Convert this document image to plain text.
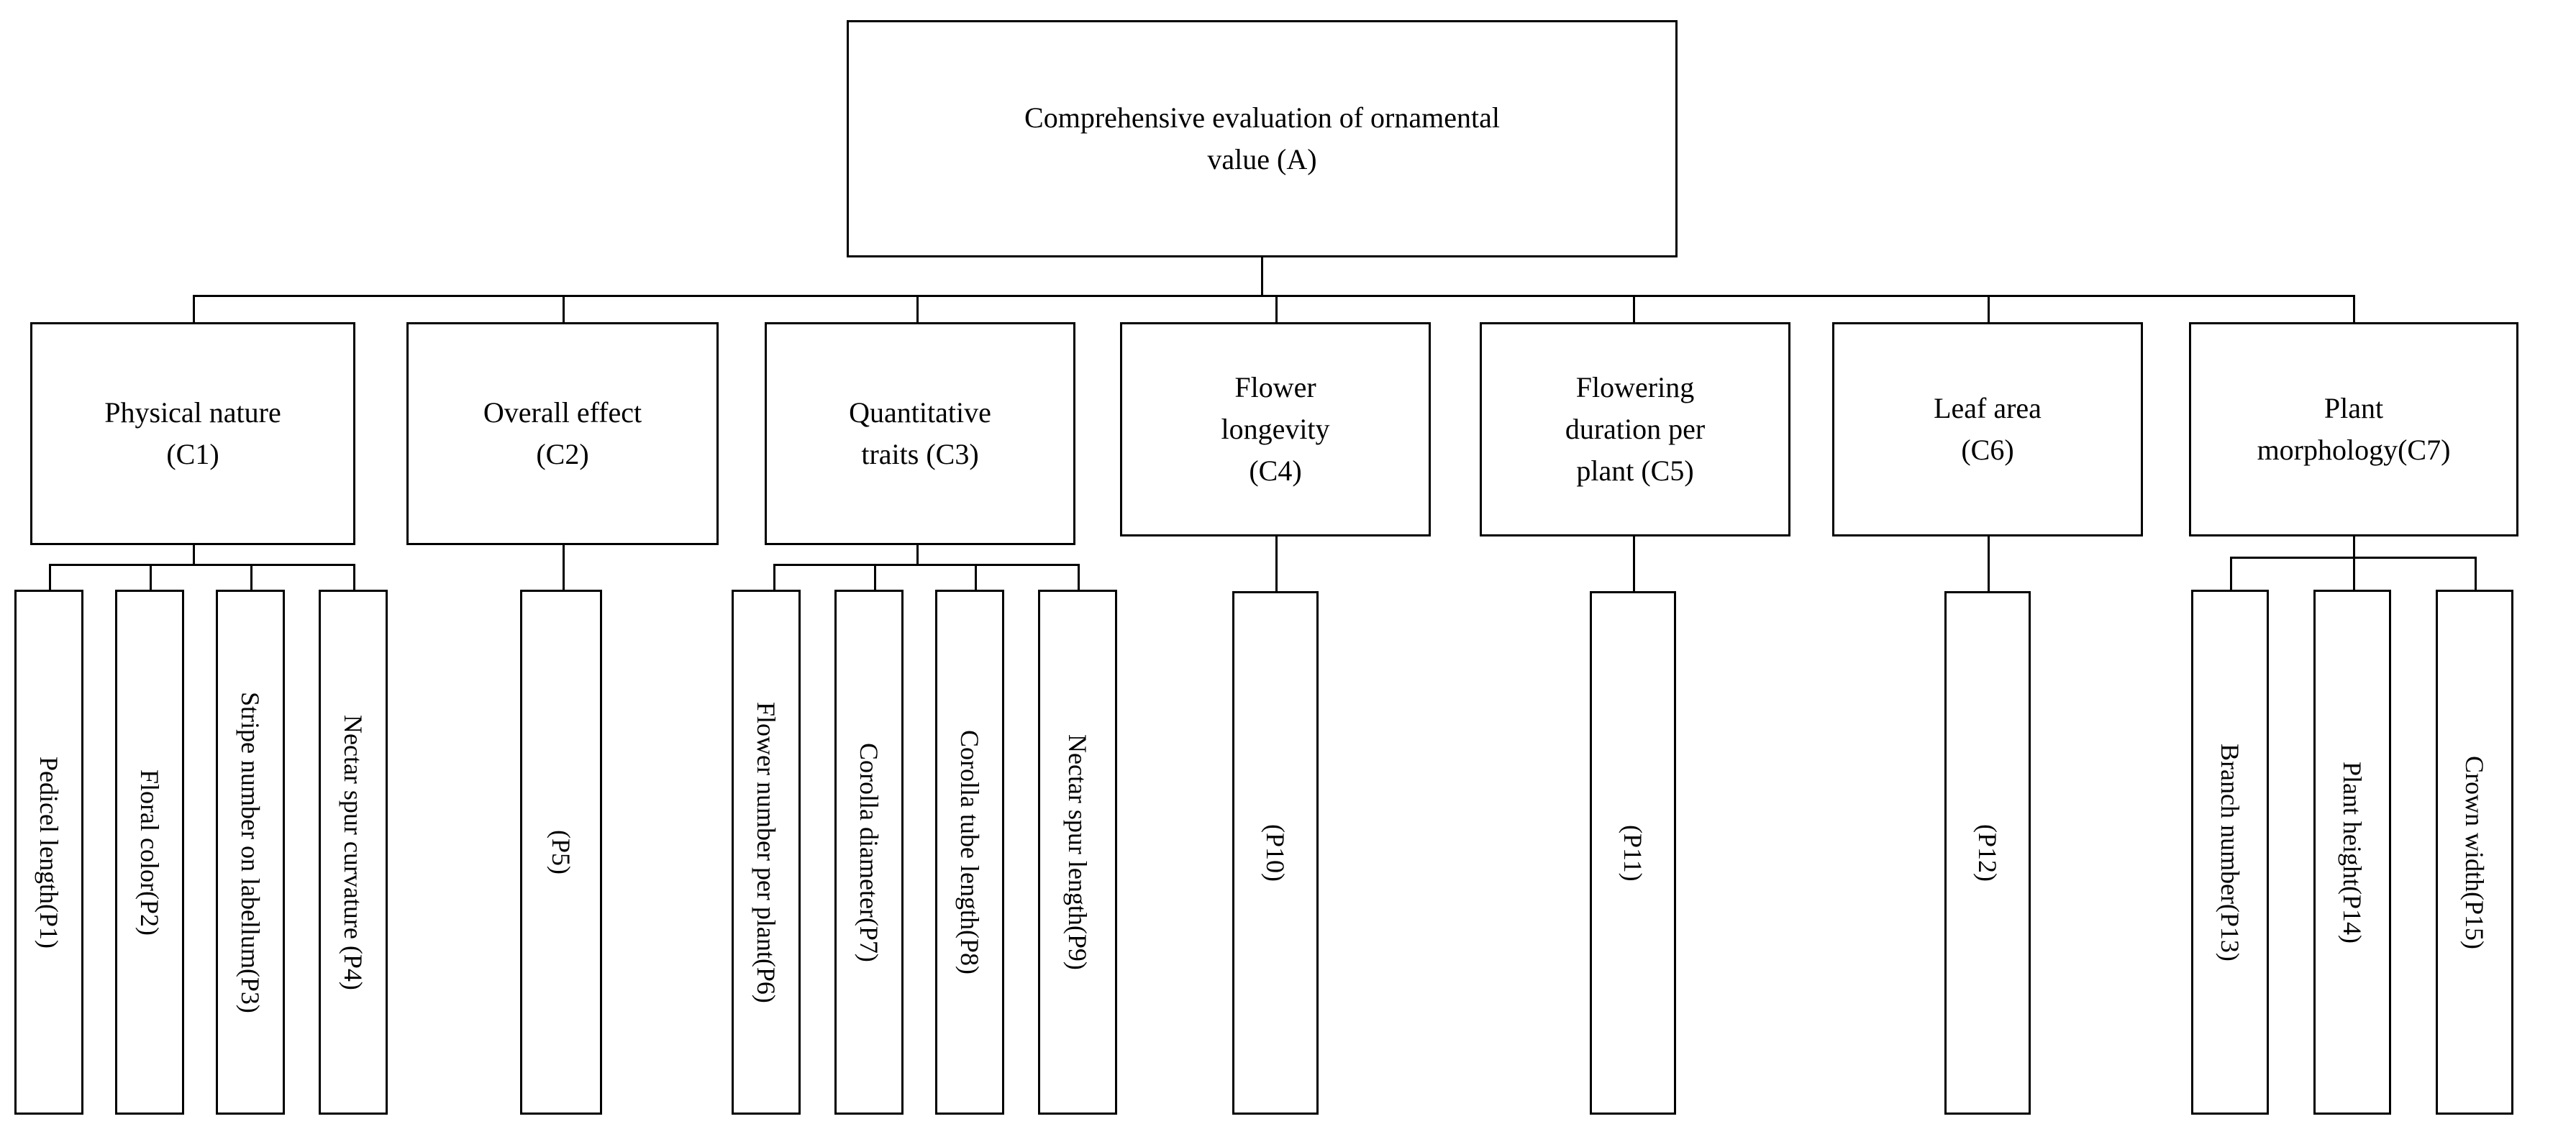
Comprehensive evaluation of ornamental
value (A)
Physical nature
(C1)
Overall effect
(C2)
Quantitative
traits (C3)
Flower
longevity
(C4)
Flowering
duration per
plant (C5)
Leaf area
(C6)
Plant
morphology(C7)
Pedicel length(P1)	Floral color(P2)	Stripe number on labellum(P3)	Nectar spur curvature (P4)	(P5)	Flower number per plant(P6)	Corolla diameter(P7)	Corolla tube length(P8)	Nectar spur length(P9)	(P10)	(P11)	(P12)	Branch number(P13)	Plant height(P14)	Crown width(P15)
